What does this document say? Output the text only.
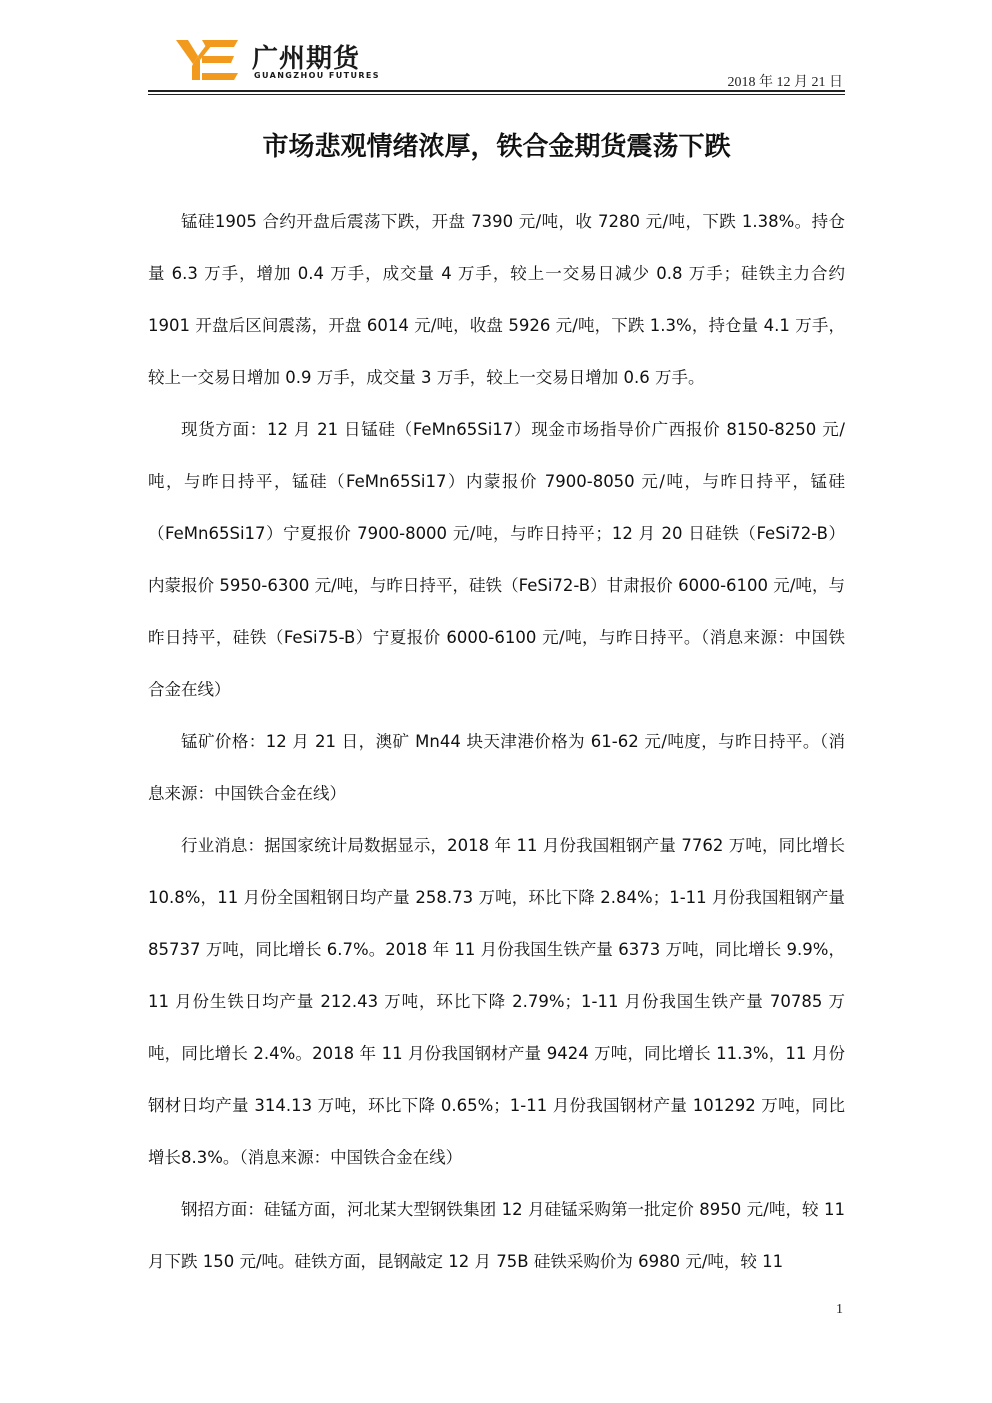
广州期货
GUANGZHOU FUTURES	2018 年 12 月 21 日
市场悲观情绪浓厚，铁合金期货震荡下跌

锰硅1905 合约开盘后震荡下跌，开盘 7390 元/吨，收 7280 元/吨，下跌 1.38%。持仓量 6.3 万手，增加 0.4 万手，成交量 4 万手，较上一交易日减少 0.8 万手；硅铁主力合约 1901 开盘后区间震荡，开盘 6014 元/吨，收盘 5926 元/吨，下跌 1.3%，持仓量 4.1 万手，较上一交易日增加 0.9 万手，成交量 3 万手，较上一交易日增加 0.6 万手。

现货方面：12 月 21 日锰硅（FeMn65Si17）现金市场指导价广西报价 8150-8250 元/吨，与昨日持平，锰硅（FeMn65Si17）内蒙报价 7900-8050 元/吨，与昨日持平，锰硅（FeMn65Si17）宁夏报价 7900-8000 元/吨，与昨日持平；12 月 20 日硅铁（FeSi72-B）内蒙报价 5950-6300 元/吨，与昨日持平，硅铁（FeSi72-B）甘肃报价 6000-6100 元/吨，与昨日持平，硅铁（FeSi75-B）宁夏报价 6000-6100 元/吨，与昨日持平。（消息来源：中国铁合金在线）

锰矿价格：12 月 21 日，澳矿 Mn44 块天津港价格为 61-62 元/吨度，与昨日持平。（消息来源：中国铁合金在线）

行业消息：据国家统计局数据显示，2018 年 11 月份我国粗钢产量 7762 万吨，同比增长10.8%，11 月份全国粗钢日均产量 258.73 万吨，环比下降 2.84%；1-11 月份我国粗钢产量 85737 万吨，同比增长 6.7%。2018 年 11 月份我国生铁产量 6373 万吨，同比增长 9.9%，11 月份生铁日均产量 212.43 万吨，环比下降 2.79%；1-11 月份我国生铁产量 70785 万吨，同比增长 2.4%。2018 年 11 月份我国钢材产量 9424 万吨，同比增长 11.3%，11 月份钢材日均产量 314.13 万吨，环比下降 0.65%；1-11 月份我国钢材产量 101292 万吨，同比增长8.3%。（消息来源：中国铁合金在线）

钢招方面：硅锰方面，河北某大型钢铁集团 12 月硅锰采购第一批定价 8950 元/吨，较 11 月下跌 150 元/吨。硅铁方面，昆钢敲定 12 月 75B 硅铁采购价为 6980 元/吨，较 11

1
